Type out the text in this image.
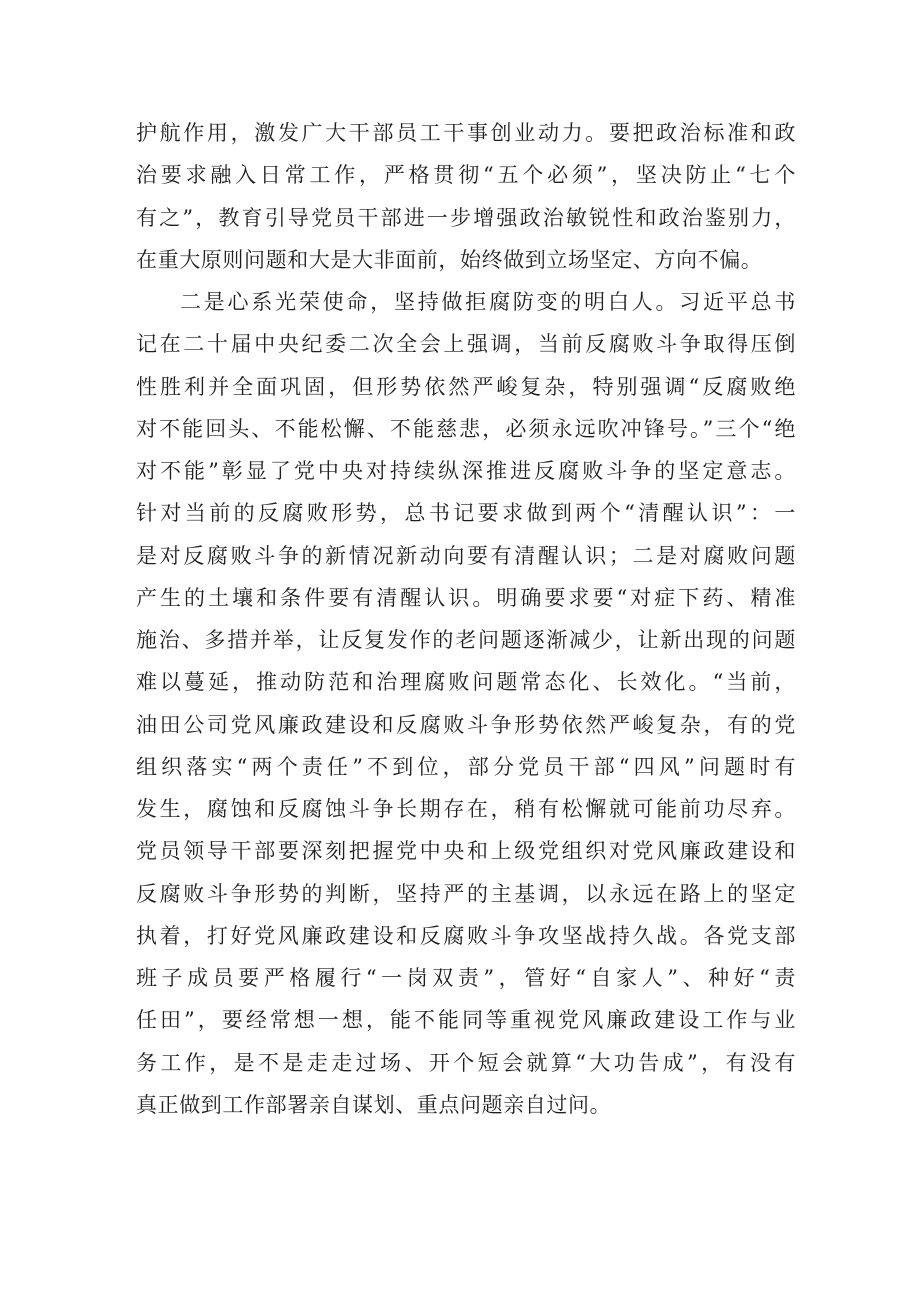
护航作用，激发广大干部员工干事创业动力。要把政治标准和政
治要求融入日常工作，严格贯彻“五个必须”，坚决防止“七个
有之”，教育引导党员干部进一步增强政治敏锐性和政治鉴别力，
在重大原则问题和大是大非面前，始终做到立场坚定、方向不偏。
二是心系光荣使命，坚持做拒腐防变的明白人。习近平总书
记在二十届中央纪委二次全会上强调，当前反腐败斗争取得压倒
性胜利并全面巩固，但形势依然严峻复杂，特别强调“反腐败绝
对不能回头、不能松懈、不能慈悲，必须永远吹冲锋号。”三个“绝
对不能”彰显了党中央对持续纵深推进反腐败斗争的坚定意志。
针对当前的反腐败形势，总书记要求做到两个“清醒认识”：一
是对反腐败斗争的新情况新动向要有清醒认识；二是对腐败问题
产生的土壤和条件要有清醒认识。明确要求要“对症下药、精准
施治、多措并举，让反复发作的老问题逐渐减少，让新出现的问题
难以蔓延，推动防范和治理腐败问题常态化、长效化。“当前，
油田公司党风廉政建设和反腐败斗争形势依然严峻复杂，有的党
组织落实“两个责任”不到位，部分党员干部“四风”问题时有
发生，腐蚀和反腐蚀斗争长期存在，稍有松懈就可能前功尽弃。
党员领导干部要深刻把握党中央和上级党组织对党风廉政建设和
反腐败斗争形势的判断，坚持严的主基调，以永远在路上的坚定
执着，打好党风廉政建设和反腐败斗争攻坚战持久战。各党支部
班子成员要严格履行“一岗双责”，管好“自家人”、种好“责
任田”，要经常想一想，能不能同等重视党风廉政建设工作与业
务工作，是不是走走过场、开个短会就算“大功告成”，有没有
真正做到工作部署亲自谋划、重点问题亲自过问。
